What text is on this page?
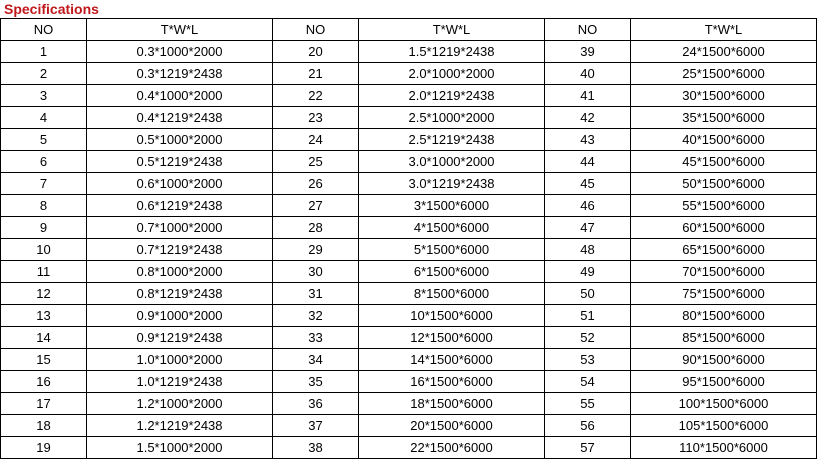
Specifications
NO	T*W*L	NO	T*W*L	NO	T*W*L
1	0.3*1000*2000	20	1.5*1219*2438	39	24*1500*6000
2	0.3*1219*2438	21	2.0*1000*2000	40	25*1500*6000
3	0.4*1000*2000	22	2.0*1219*2438	41	30*1500*6000
4	0.4*1219*2438	23	2.5*1000*2000	42	35*1500*6000
5	0.5*1000*2000	24	2.5*1219*2438	43	40*1500*6000
6	0.5*1219*2438	25	3.0*1000*2000	44	45*1500*6000
7	0.6*1000*2000	26	3.0*1219*2438	45	50*1500*6000
8	0.6*1219*2438	27	3*1500*6000	46	55*1500*6000
9	0.7*1000*2000	28	4*1500*6000	47	60*1500*6000
10	0.7*1219*2438	29	5*1500*6000	48	65*1500*6000
11	0.8*1000*2000	30	6*1500*6000	49	70*1500*6000
12	0.8*1219*2438	31	8*1500*6000	50	75*1500*6000
13	0.9*1000*2000	32	10*1500*6000	51	80*1500*6000
14	0.9*1219*2438	33	12*1500*6000	52	85*1500*6000
15	1.0*1000*2000	34	14*1500*6000	53	90*1500*6000
16	1.0*1219*2438	35	16*1500*6000	54	95*1500*6000
17	1.2*1000*2000	36	18*1500*6000	55	100*1500*6000
18	1.2*1219*2438	37	20*1500*6000	56	105*1500*6000
19	1.5*1000*2000	38	22*1500*6000	57	110*1500*6000
